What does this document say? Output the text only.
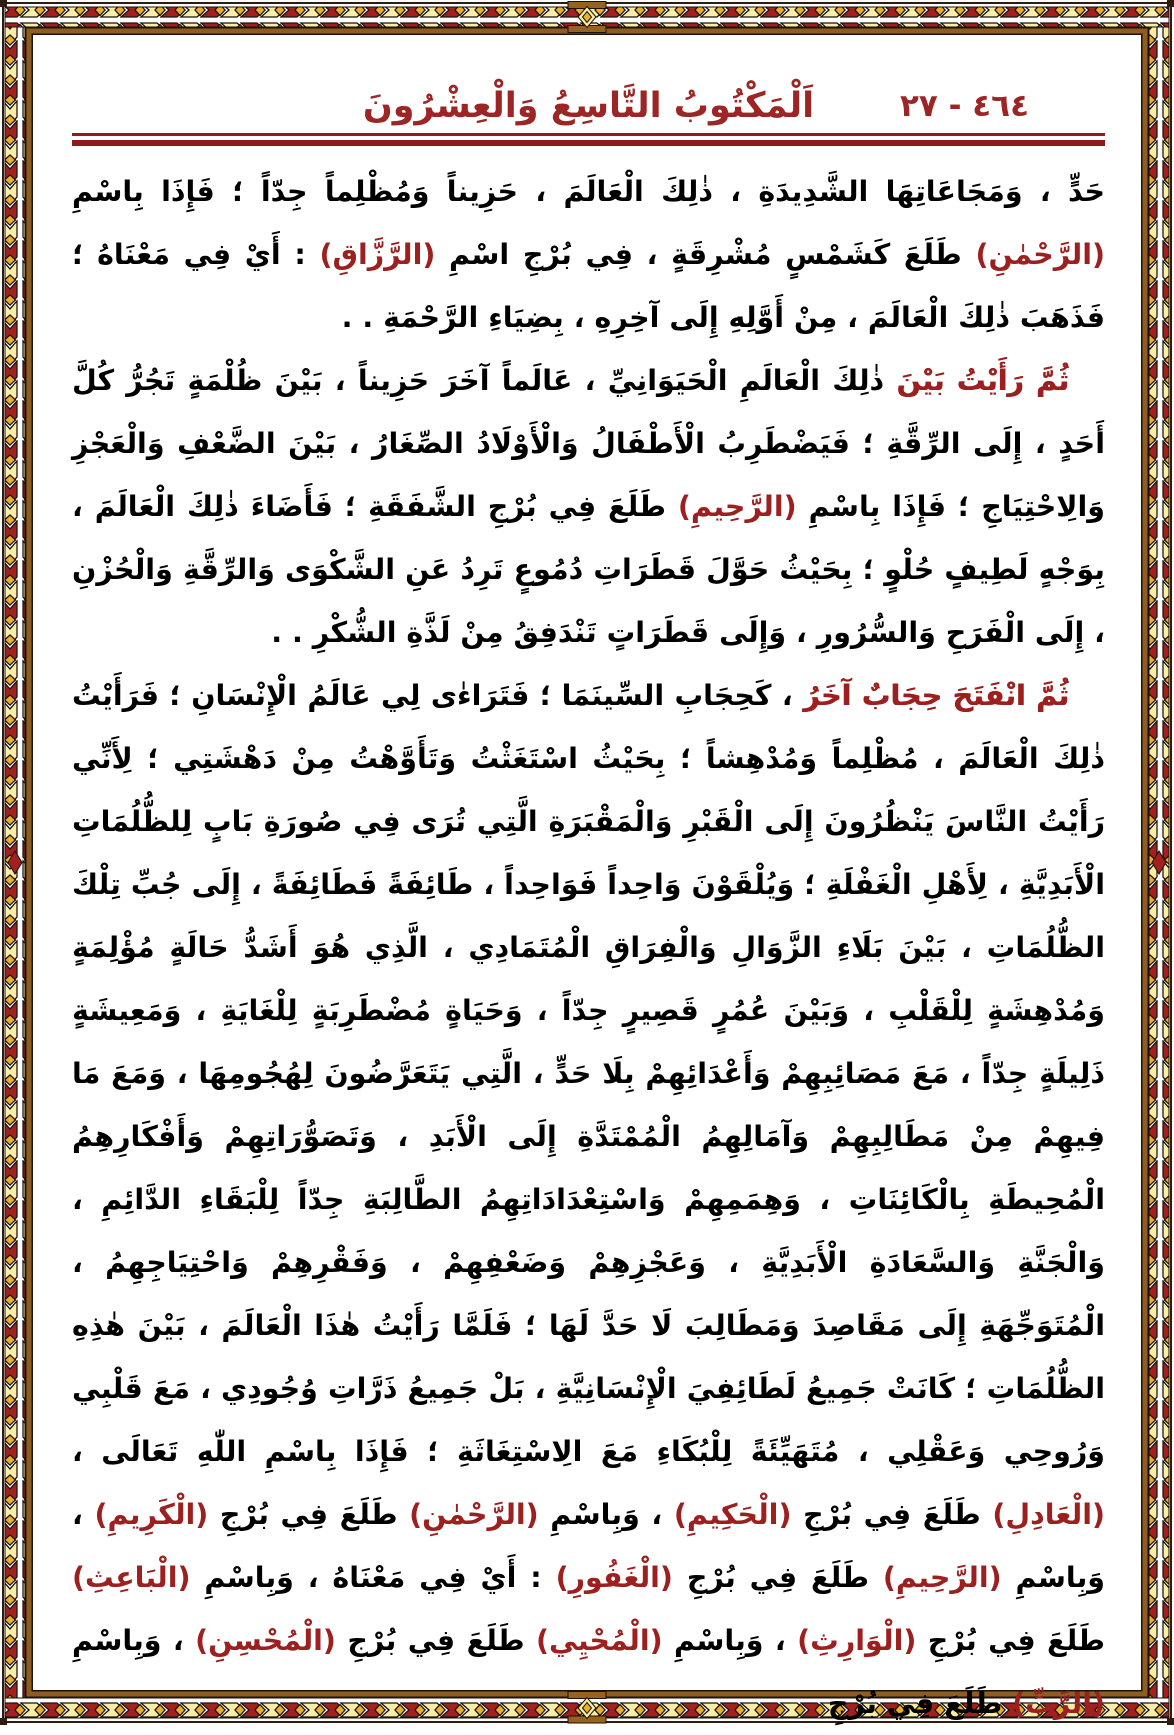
اَلْمَكْتُوبُ التَّاسِعُ وَالْعِشْرُونَ	٤٦٤ - ٢٧

حَدٍّ ، وَمَجَاعَاتِهَا الشَّدِيدَةِ ، ذٰلِكَ الْعَالَمَ ، حَزِيناً وَمُظْلِماً جِدّاً ؛ فَإِذَا بِاسْمِ (الرَّحْمٰنِ) طَلَعَ كَشَمْسٍ مُشْرِقَةٍ ، فِي بُرْجِ اسْمِ (الرَّزَّاقِ) : أَيْ فِي مَعْنَاهُ ؛ فَذَهَبَ ذٰلِكَ الْعَالَمَ ، مِنْ أَوَّلِهِ إِلَى آخِرِهِ ، بِضِيَاءِ الرَّحْمَةِ . .

ثُمَّ رَأَيْتُ بَيْنَ ذٰلِكَ الْعَالَمِ الْحَيَوَانِيِّ ، عَالَماً آخَرَ حَزِيناً ، بَيْنَ ظُلْمَةٍ تَجُرُّ كُلَّ أَحَدٍ ، إِلَى الرِّقَّةِ ؛ فَيَضْطَرِبُ الْأَطْفَالُ وَالْأَوْلَادُ الصِّغَارُ ، بَيْنَ الضَّعْفِ وَالْعَجْزِ وَالِاحْتِيَاجِ ؛ فَإِذَا بِاسْمِ (الرَّحِيمِ) طَلَعَ فِي بُرْجِ الشَّفَقَةِ ؛ فَأَضَاءَ ذٰلِكَ الْعَالَمَ ، بِوَجْهٍ لَطِيفٍ حُلْوٍ ؛ بِحَيْثُ حَوَّلَ قَطَرَاتِ دُمُوعٍ تَرِدُ عَنِ الشَّكْوَى وَالرِّقَّةِ وَالْحُزْنِ ، إِلَى الْفَرَحِ وَالسُّرُورِ ، وَإِلَى قَطَرَاتٍ تَنْدَفِقُ مِنْ لَذَّةِ الشُّكْرِ . .

ثُمَّ انْفَتَحَ حِجَابٌ آخَرُ ، كَحِجَابِ السِّينَمَا ؛ فَتَرَاءٰى لِي عَالَمُ الْإِنْسَانِ ؛ فَرَأَيْتُ ذٰلِكَ الْعَالَمَ ، مُظْلِماً وَمُدْهِشاً ؛ بِحَيْثُ اسْتَغَثْتُ وَتَأَوَّهْتُ مِنْ دَهْشَتِي ؛ لِأَنِّي رَأَيْتُ النَّاسَ يَنْظُرُونَ إِلَى الْقَبْرِ وَالْمَقْبَرَةِ الَّتِي تُرَى فِي صُورَةِ بَابٍ لِلظُّلُمَاتِ الْأَبَدِيَّةِ ، لِأَهْلِ الْغَفْلَةِ ؛ وَيُلْقَوْنَ وَاحِداً فَوَاحِداً ، طَائِفَةً فَطَائِفَةً ، إِلَى جُبِّ تِلْكَ الظُّلُمَاتِ ، بَيْنَ بَلَاءِ الزَّوَالِ وَالْفِرَاقِ الْمُتَمَادِي ، الَّذِي هُوَ أَشَدُّ حَالَةٍ مُؤْلِمَةٍ وَمُدْهِشَةٍ لِلْقَلْبِ ، وَبَيْنَ عُمُرٍ قَصِيرٍ جِدّاً ، وَحَيَاةٍ مُضْطَرِبَةٍ لِلْغَايَةِ ، وَمَعِيشَةٍ ذَلِيلَةٍ جِدّاً ، مَعَ مَصَائِبِهِمْ وَأَعْدَائِهِمْ بِلَا حَدٍّ ، الَّتِي يَتَعَرَّضُونَ لِهُجُومِهَا ، وَمَعَ مَا فِيهِمْ مِنْ مَطَالِبِهِمْ وَآمَالِهِمُ الْمُمْتَدَّةِ إِلَى الْأَبَدِ ، وَتَصَوُّرَاتِهِمْ وَأَفْكَارِهِمُ الْمُحِيطَةِ بِالْكَائِنَاتِ ، وَهِمَمِهِمْ وَاسْتِعْدَادَاتِهِمُ الطَّالِبَةِ جِدّاً لِلْبَقَاءِ الدَّائِمِ ، وَالْجَنَّةِ وَالسَّعَادَةِ الْأَبَدِيَّةِ ، وَعَجْزِهِمْ وَضَعْفِهِمْ ، وَفَقْرِهِمْ وَاحْتِيَاجِهِمُ ، الْمُتَوَجِّهَةِ إِلَى مَقَاصِدَ وَمَطَالِبَ لَا حَدَّ لَهَا ؛ فَلَمَّا رَأَيْتُ هٰذَا الْعَالَمَ ، بَيْنَ هٰذِهِ الظُّلُمَاتِ ؛ كَانَتْ جَمِيعُ لَطَائِفِيَ الْإِنْسَانِيَّةِ ، بَلْ جَمِيعُ ذَرَّاتِ وُجُودِي ، مَعَ قَلْبِي وَرُوحِي وَعَقْلِي ، مُتَهَيِّئَةً لِلْبُكَاءِ مَعَ الِاسْتِغَاثَةِ ؛ فَإِذَا بِاسْمِ اللّٰهِ تَعَالَى ، (الْعَادِلِ) طَلَعَ فِي بُرْجِ (الْحَكِيمِ) ، وَبِاسْمِ (الرَّحْمٰنِ) طَلَعَ فِي بُرْجِ (الْكَرِيمِ) ، وَبِاسْمِ (الرَّحِيمِ) طَلَعَ فِي بُرْجِ (الْغَفُورِ) : أَيْ فِي مَعْنَاهُ ، وَبِاسْمِ (الْبَاعِثِ) طَلَعَ فِي بُرْجِ (الْوَارِثِ) ، وَبِاسْمِ (الْمُحْيِي) طَلَعَ فِي بُرْجِ (الْمُحْسِنِ) ، وَبِاسْمِ (الرَّبِّ) طَلَعَ فِي بُرْجِ
